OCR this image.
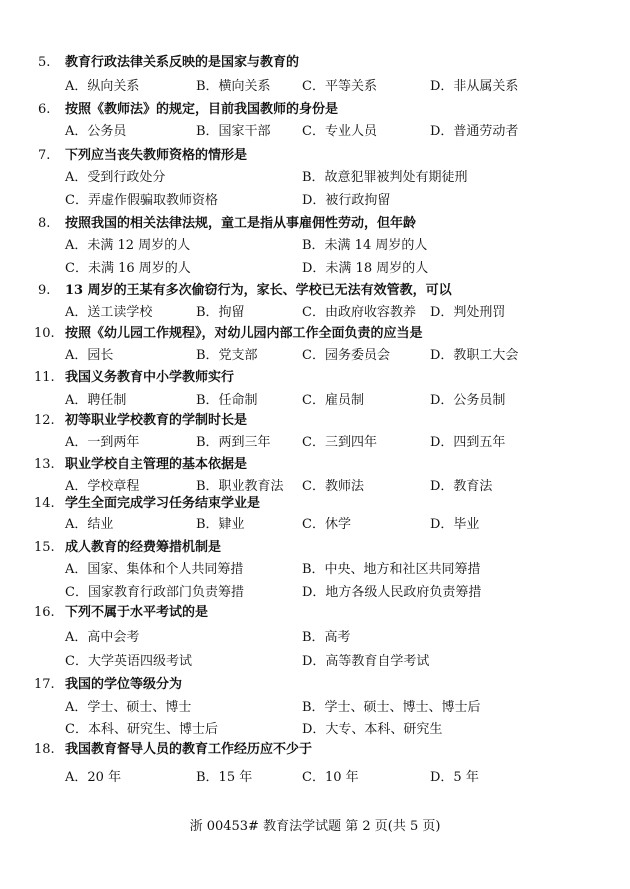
5. 教育行政法律关系反映的是国家与教育的
A．纵向关系	B．横向关系 C．平等关系	D．非从属关系
6. 按照《教师法》的规定，目前我国教师的身份是
A．公务员	B．国家干部 C．专业人员	D．普通劳动者
7. 下列应当丧失教师资格的情形是
A．受到行政处分	B．故意犯罪被判处有期徒刑
C．弄虚作假骗取教师资格	D．被行政拘留
8. 按照我国的相关法律法规，童工是指从事雇佣性劳动，但年龄
A．未满 12 周岁的人	B．未满 14 周岁的人
C．未满 16 周岁的人	D．未满 18 周岁的人
9. 13 周岁的王某有多次偷窃行为，家长、学校已无法有效管教，可以
A．送工读学校	B．拘留	C．由政府收容教养 D．判处刑罚
10. 按照《幼儿园工作规程》，对幼儿园内部工作全面负责的应当是
A．园长	B．党支部	C．园务委员会	D．教职工大会
11. 我国义务教育中小学教师实行
A．聘任制	B．任命制	C．雇员制	D．公务员制
12. 初等职业学校教育的学制时长是
A．一到两年	B．两到三年 C．三到四年	D．四到五年
13. 职业学校自主管理的基本依据是
A．学校章程	B．职业教育法 C．教师法	D．教育法
14. 学生全面完成学习任务结束学业是
A．结业	B．肄业	C．休学	D．毕业
15. 成人教育的经费筹措机制是
A．国家、集体和个人共同筹措	B．中央、地方和社区共同筹措
C．国家教育行政部门负责筹措	D．地方各级人民政府负责筹措
16. 下列不属于水平考试的是
A．高中会考	B．高考
C．大学英语四级考试	D．高等教育自学考试
17. 我国的学位等级分为
A．学士、硕士、博士	B．学士、硕士、博士、博士后
C．本科、研究生、博士后	D．大专、本科、研究生
18. 我国教育督导人员的教育工作经历应不少于
A．20 年	B．15 年	C．10 年	D．5 年
浙 00453# 教育法学试题 第 2 页(共 5 页)
